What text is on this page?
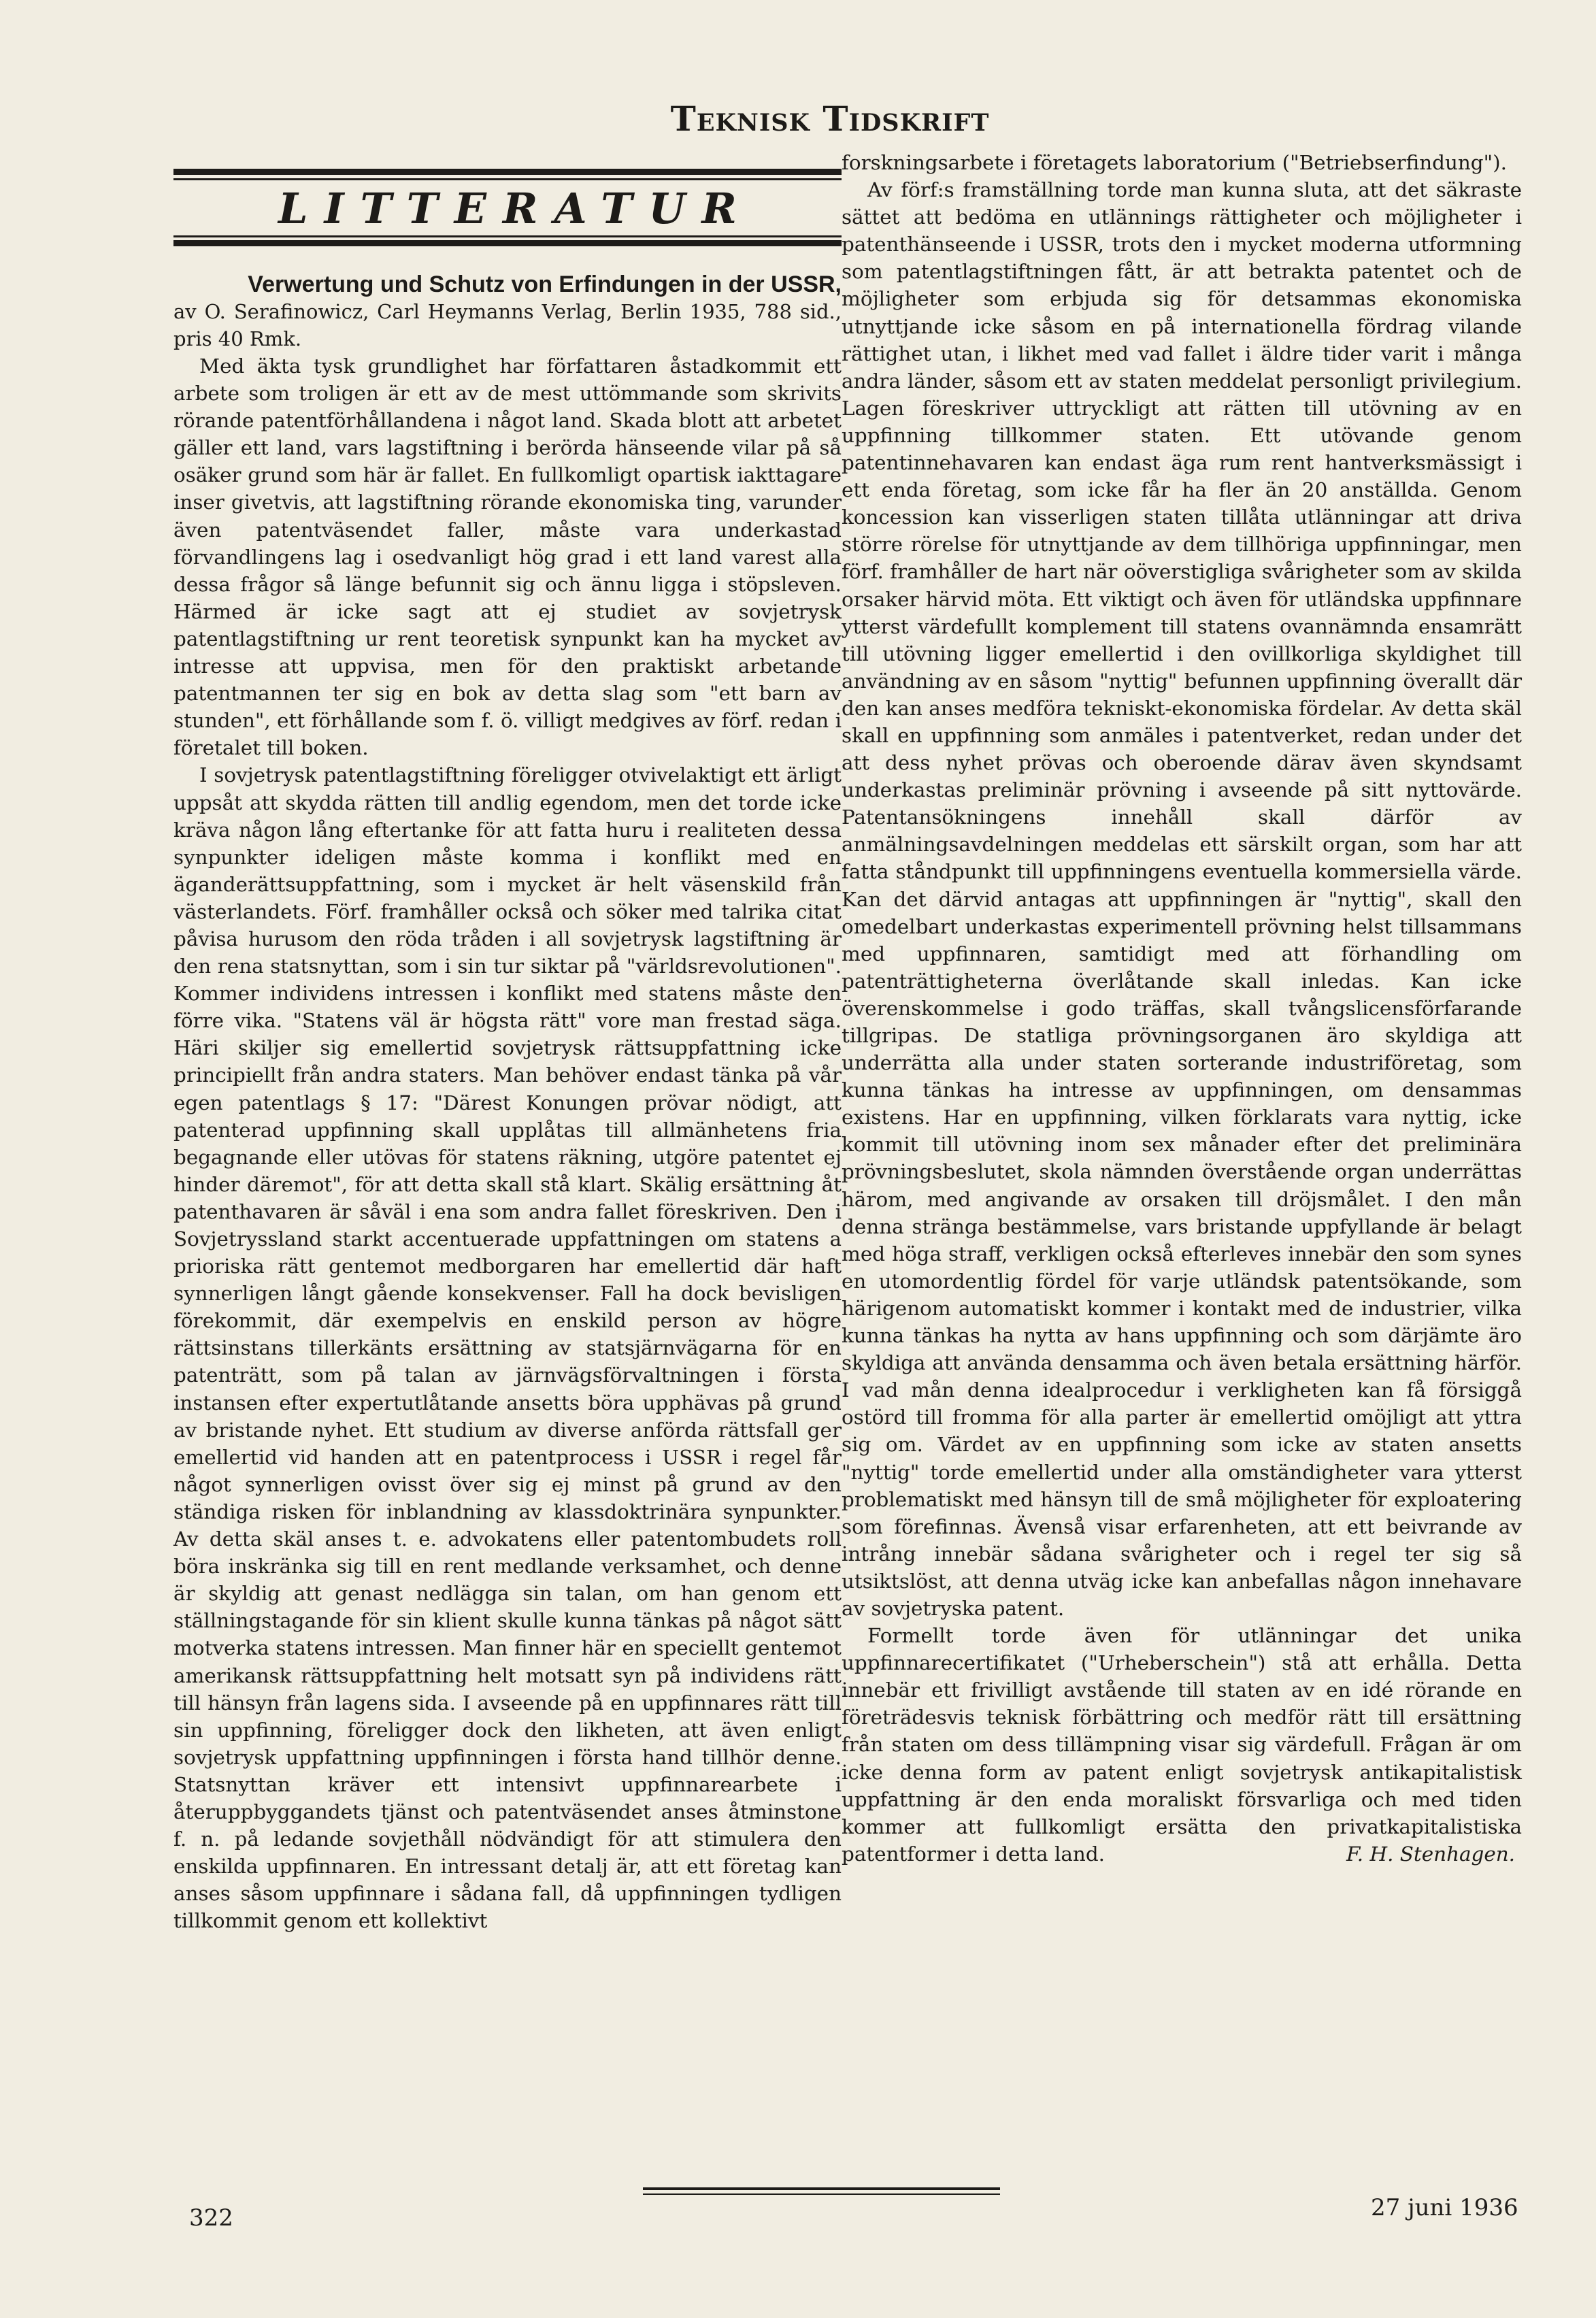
Teknisk Tidskrift
LITTERATUR
Verwertung und Schutz von Erfindungen in der USSR,

av O. Serafinowicz, Carl Heymanns Verlag, Berlin 1935, 788 sid., pris 40 Rmk.

Med äkta tysk grundlighet har författaren åstadkommit ett arbete som troligen är ett av de mest uttömmande som skrivits rörande patentförhållandena i något land. Skada blott att arbetet gäller ett land, vars lagstiftning i berörda hänseende vilar på så osäker grund som här är fallet. En fullkomligt opartisk iakttagare inser givetvis, att lagstiftning rörande ekonomiska ting, varunder även patentväsendet faller, måste vara underkastad förvandlingens lag i osedvanligt hög grad i ett land varest alla dessa frågor så länge befunnit sig och ännu ligga i stöpsleven. Härmed är icke sagt att ej studiet av sovjetrysk patentlagstiftning ur rent teoretisk synpunkt kan ha mycket av intresse att uppvisa, men för den praktiskt arbetande patentmannen ter sig en bok av detta slag som "ett barn av stunden", ett förhållande som f. ö. villigt medgives av förf. redan i företalet till boken.

I sovjetrysk patentlagstiftning föreligger otvivelaktigt ett ärligt uppsåt att skydda rätten till andlig egendom, men det torde icke kräva någon lång eftertanke för att fatta huru i realiteten dessa synpunkter ideligen måste komma i konflikt med en äganderättsuppfattning, som i mycket är helt väsenskild från västerlandets. Förf. framhåller också och söker med talrika citat påvisa hurusom den röda tråden i all sovjetrysk lagstiftning är den rena statsnyttan, som i sin tur siktar på "världsrevolutionen". Kommer individens intressen i konflikt med statens måste den förre vika. "Statens väl är högsta rätt" vore man frestad säga. Häri skiljer sig emellertid sovjetrysk rättsuppfattning icke principiellt från andra staters. Man behöver endast tänka på vår egen patentlags § 17: "Därest Konungen prövar nödigt, att patenterad uppfinning skall upplåtas till allmänhetens fria begagnande eller utövas för statens räkning, utgöre patentet ej hinder däremot", för att detta skall stå klart. Skälig ersättning åt patenthavaren är såväl i ena som andra fallet föreskriven. Den i Sovjetryssland starkt accentuerade uppfattningen om statens a prioriska rätt gentemot medborgaren har emellertid där haft synnerligen långt gående konsekvenser. Fall ha dock bevisligen förekommit, där exempelvis en enskild person av högre rättsinstans tillerkänts ersättning av statsjärnvägarna för en patenträtt, som på talan av järnvägsförvaltningen i första instansen efter expertutlåtande ansetts böra upphävas på grund av bristande nyhet. Ett studium av diverse anförda rättsfall ger emellertid vid handen att en patentprocess i USSR i regel får något synnerligen ovisst över sig ej minst på grund av den ständiga risken för inblandning av klassdoktrinära synpunkter. Av detta skäl anses t. e. advokatens eller patentombudets roll böra inskränka sig till en rent medlande verksamhet, och denne är skyldig att genast nedlägga sin talan, om han genom ett ställningstagande för sin klient skulle kunna tänkas på något sätt motverka statens intressen. Man finner här en speciellt gentemot amerikansk rättsuppfattning helt motsatt syn på individens rätt till hänsyn från lagens sida. I avseende på en uppfinnares rätt till sin uppfinning, föreligger dock den likheten, att även enligt sovjetrysk uppfattning uppfinningen i första hand tillhör denne. Statsnyttan kräver ett intensivt uppfinnarearbete i återuppbyggandets tjänst och patentväsendet anses åtminstone f. n. på ledande sovjethåll nödvändigt för att stimulera den enskilda uppfinnaren. En intressant detalj är, att ett företag kan anses såsom uppfinnare i sådana fall, då uppfinningen tydligen tillkommit genom ett kollektivt

forskningsarbete i företagets laboratorium ("Betriebserfindung").

Av förf:s framställning torde man kunna sluta, att det säkraste sättet att bedöma en utlännings rättigheter och möjligheter i patenthänseende i USSR, trots den i mycket moderna utformning som patentlagstiftningen fått, är att betrakta patentet och de möjligheter som erbjuda sig för detsammas ekonomiska utnyttjande icke såsom en på internationella fördrag vilande rättighet utan, i likhet med vad fallet i äldre tider varit i många andra länder, såsom ett av staten meddelat personligt privilegium. Lagen föreskriver uttryckligt att rätten till utövning av en uppfinning tillkommer staten. Ett utövande genom patentinnehavaren kan endast äga rum rent hantverksmässigt i ett enda företag, som icke får ha fler än 20 anställda. Genom koncession kan visserligen staten tillåta utlänningar att driva större rörelse för utnyttjande av dem tillhöriga uppfinningar, men förf. framhåller de hart när oöverstigliga svårigheter som av skilda orsaker härvid möta. Ett viktigt och även för utländska uppfinnare ytterst värdefullt komplement till statens ovannämnda ensamrätt till utövning ligger emellertid i den ovillkorliga skyldighet till användning av en såsom "nyttig" befunnen uppfinning överallt där den kan anses medföra tekniskt-ekonomiska fördelar. Av detta skäl skall en uppfinning som anmäles i patentverket, redan under det att dess nyhet prövas och oberoende därav även skyndsamt underkastas preliminär prövning i avseende på sitt nyttovärde. Patentansökningens innehåll skall därför av anmälningsavdelningen meddelas ett särskilt organ, som har att fatta ståndpunkt till uppfinningens eventuella kommersiella värde. Kan det därvid antagas att uppfinningen är "nyttig", skall den omedelbart underkastas experimentell prövning helst tillsammans med uppfinnaren, samtidigt med att förhandling om patenträttigheterna överlåtande skall inledas. Kan icke överenskommelse i godo träffas, skall tvångslicensförfarande tillgripas. De statliga prövningsorganen äro skyldiga att underrätta alla under staten sorterande industriföretag, som kunna tänkas ha intresse av uppfinningen, om densammas existens. Har en uppfinning, vilken förklarats vara nyttig, icke kommit till utövning inom sex månader efter det preliminära prövningsbeslutet, skola nämnden överstående organ underrättas härom, med angivande av orsaken till dröjsmålet. I den mån denna stränga bestämmelse, vars bristande uppfyllande är belagt med höga straff, verkligen också efterleves innebär den som synes en utomordentlig fördel för varje utländsk patentsökande, som härigenom automatiskt kommer i kontakt med de industrier, vilka kunna tänkas ha nytta av hans uppfinning och som därjämte äro skyldiga att använda densamma och även betala ersättning härför. I vad mån denna idealprocedur i verkligheten kan få försiggå ostörd till fromma för alla parter är emellertid omöjligt att yttra sig om. Värdet av en uppfinning som icke av staten ansetts "nyttig" torde emellertid under alla omständigheter vara ytterst problematiskt med hänsyn till de små möjligheter för exploatering som förefinnas. Ävenså visar erfarenheten, att ett beivrande av intrång innebär sådana svårigheter och i regel ter sig så utsiktslöst, att denna utväg icke kan anbefallas någon innehavare av sovjetryska patent.

Formellt torde även för utlänningar det unika uppfinnarecertifikatet ("Urheberschein") stå att erhålla. Detta innebär ett frivilligt avstående till staten av en idé rörande en företrädesvis teknisk förbättring och medför rätt till ersättning från staten om dess tillämpning visar sig värdefull. Frågan är om icke denna form av patent enligt sovjetrysk antikapitalistisk uppfattning är den enda moraliskt försvarliga och med tiden kommer att fullkomligt ersätta den privatkapitalistiska patentformer i detta land.	F. H. Stenhagen.

322	27 juni 1936
